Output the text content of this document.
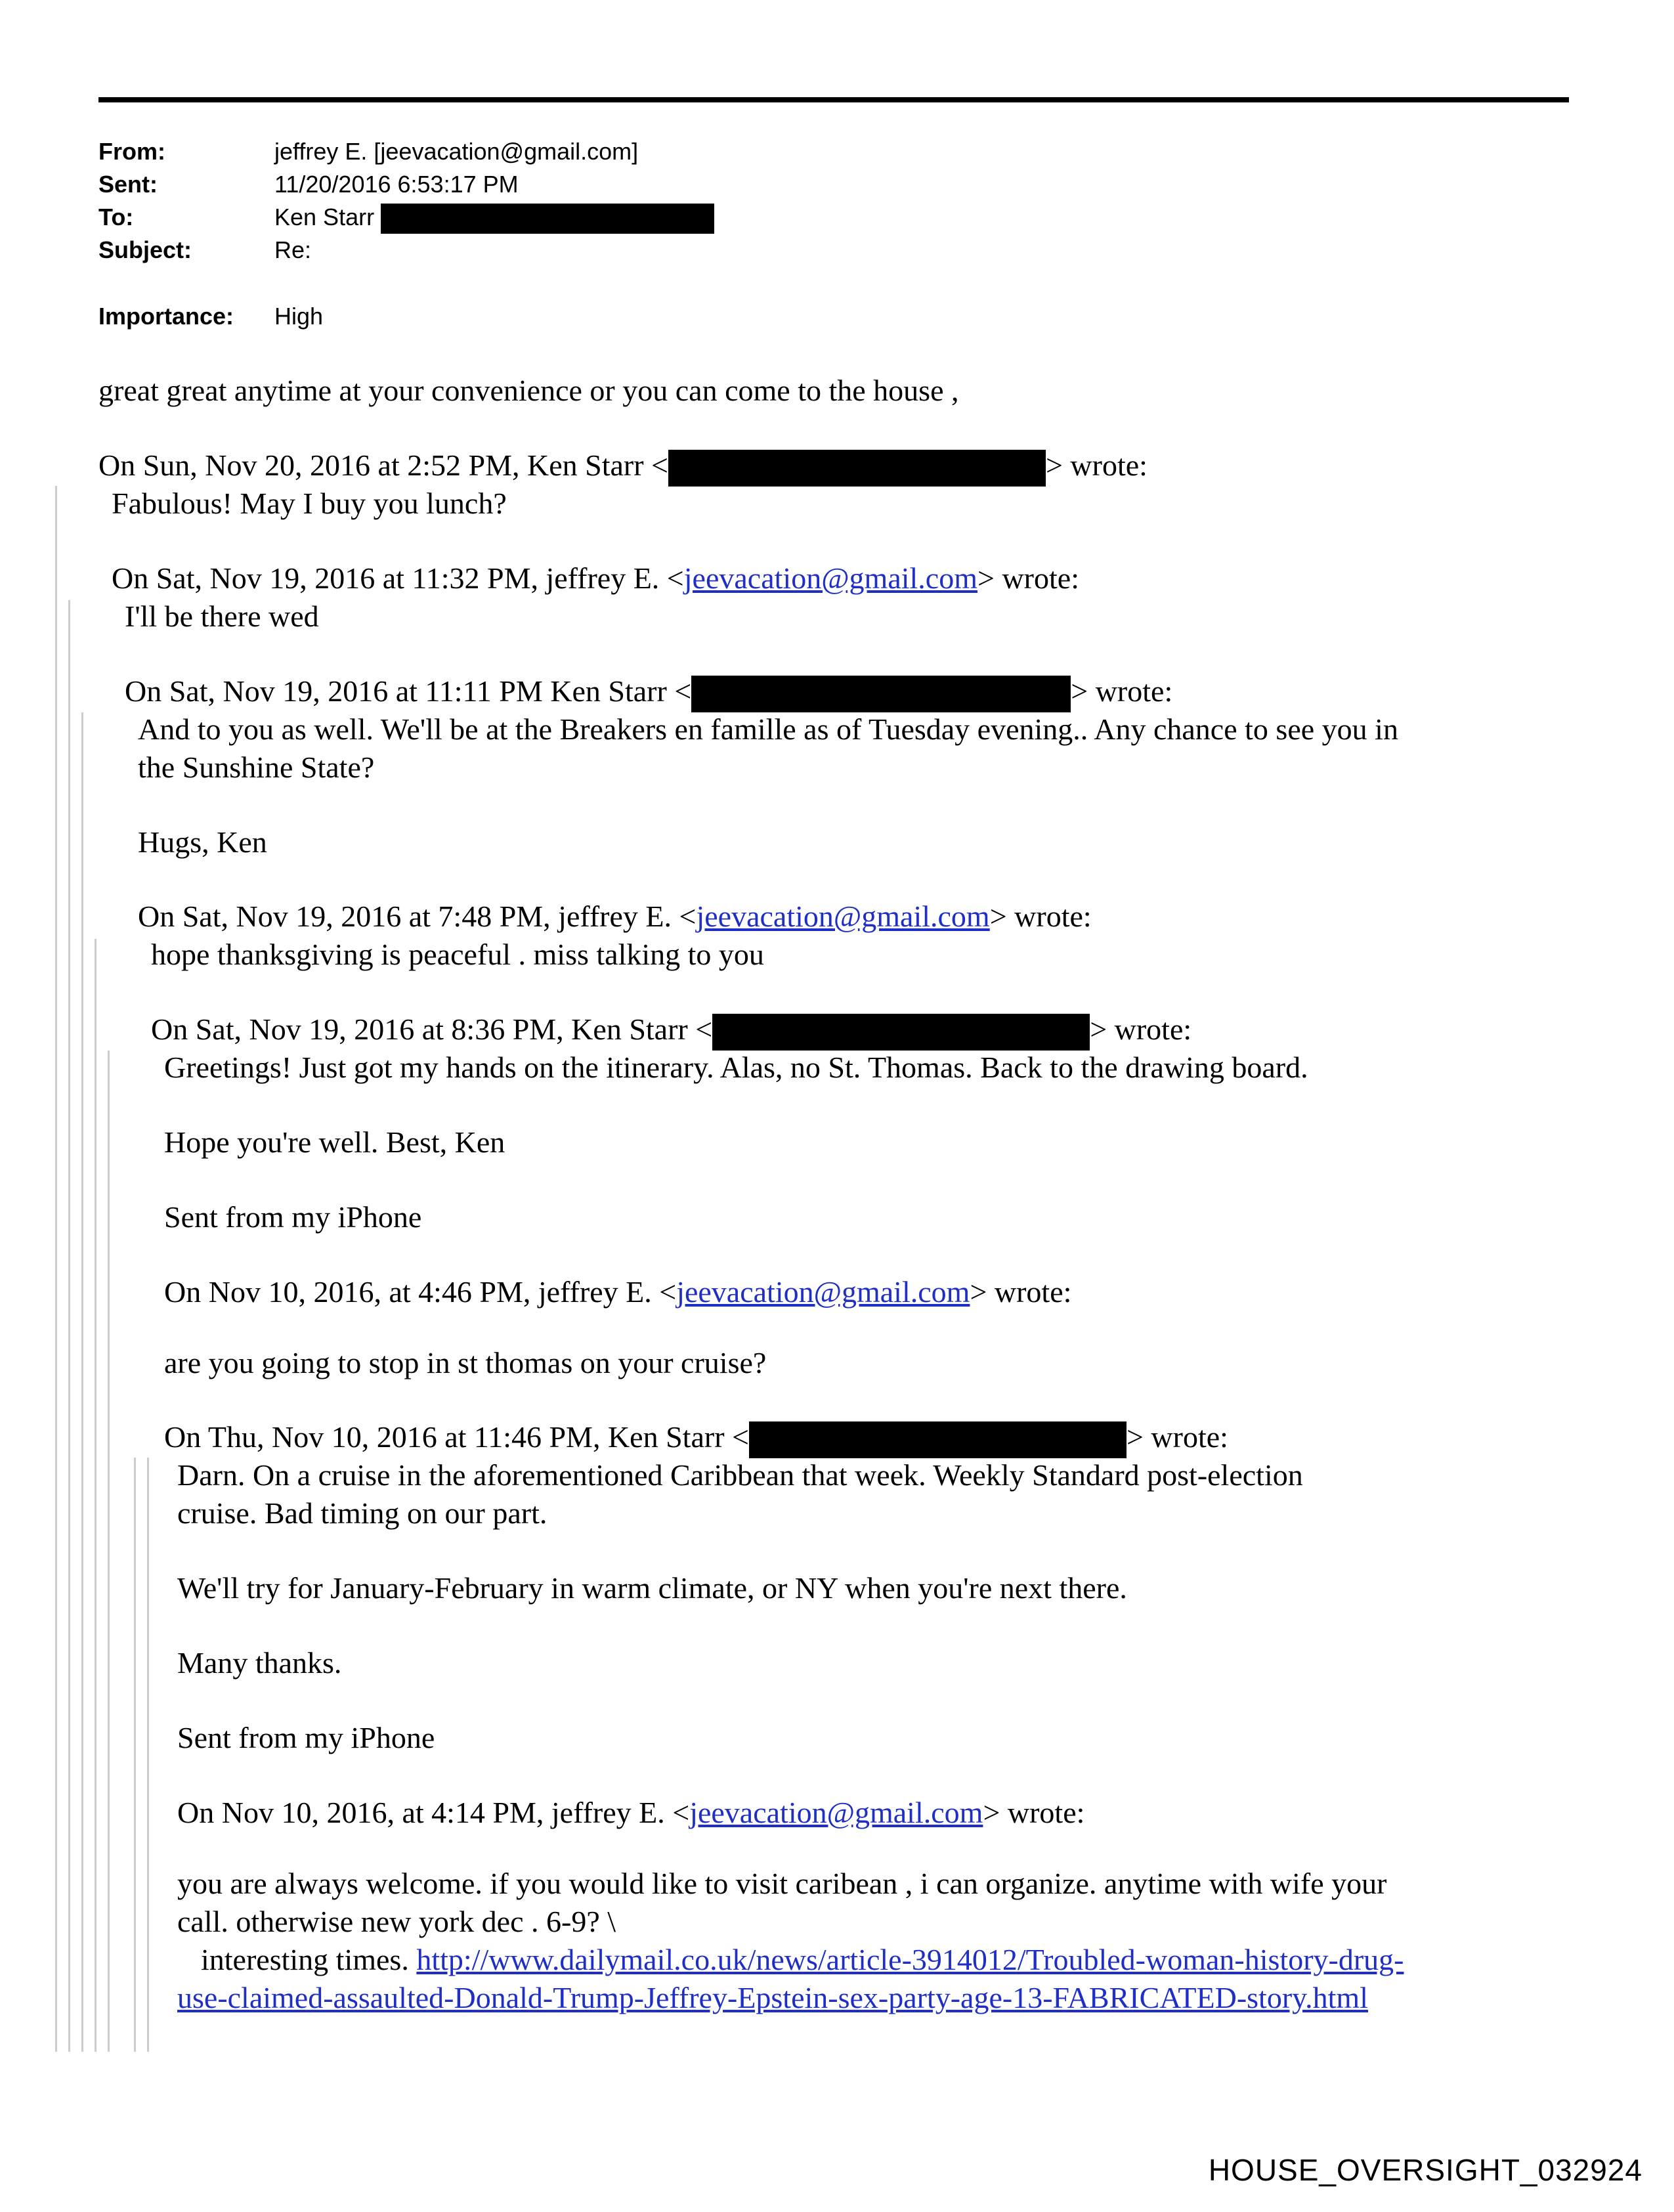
From:	jeffrey E. [jeevacation@gmail.com]
Sent:	11/20/2016 6:53:17 PM
To:	Ken Starr
Subject:	Re:
Importance: High
great great anytime at your convenience or you can come to the house ,
On Sun, Nov 20, 2016 at 2:52 PM, Ken Starr <	> wrote:
Fabulous! May I buy you lunch?
On Sat, Nov 19, 2016 at 11:32 PM, jeffrey E. <jeevacation@gmail.com> wrote:
I'll be there wed
On Sat, Nov 19, 2016 at 11:11 PM Ken Starr <	> wrote:
And to you as well. We'll be at the Breakers en famille as of Tuesday evening.. Any chance to see you in
the Sunshine State?
Hugs, Ken
On Sat, Nov 19, 2016 at 7:48 PM, jeffrey E. <jeevacation@gmail.com> wrote:
hope thanksgiving is peaceful . miss talking to you
On Sat, Nov 19, 2016 at 8:36 PM, Ken Starr <	> wrote:
Greetings! Just got my hands on the itinerary. Alas, no St. Thomas. Back to the drawing board.
Hope you're well. Best, Ken
Sent from my iPhone
On Nov 10, 2016, at 4:46 PM, jeffrey E. <jeevacation@gmail.com> wrote:
are you going to stop in st thomas on your cruise?
On Thu, Nov 10, 2016 at 11:46 PM, Ken Starr <	> wrote:
Darn. On a cruise in the aforementioned Caribbean that week. Weekly Standard post-election
cruise. Bad timing on our part.
We'll try for January-February in warm climate, or NY when you're next there.
Many thanks.
Sent from my iPhone
On Nov 10, 2016, at 4:14 PM, jeffrey E. <jeevacation@gmail.com> wrote:
you are always welcome. if you would like to visit caribean , i can organize. anytime with wife your
call. otherwise new york dec . 6-9? \
interesting times. http://www.dailymail.co.uk/news/article-3914012/Troubled-woman-history-drug-
use-claimed-assaulted-Donald-Trump-Jeffrey-Epstein-sex-party-age-13-FABRICATED-story.html
HOUSE_OVERSIGHT_032924
